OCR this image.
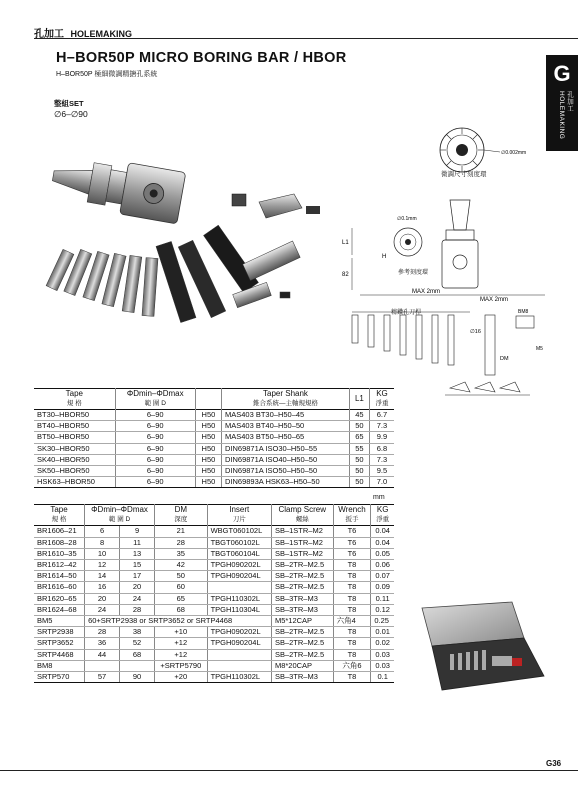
孔加工 HOLEMAKING
H–BOR50P MICRO BORING BAR / HBOR
H–BOR50P 極細微調精搪孔系統
整組SET
∅6–∅90
G
孔加工 HOLEMAKING
∅0.002mm
∅0.1mm
L1
82
H
MAX 2mm
MAX 2mm
∅16
DM
BM8
M5
微調尺寸刻度環
參考刻度環
精鑽孔刀桿
Tape	ΦDmin–ΦDmax		Taper Shank	L1	KG
規 格	範 圍 D		錐合系統—主軸規規格		淨重
BT30–HBOR50	6–90	H50	MAS403 BT30–H50–45	45	6.7
BT40–HBOR50	6–90	H50	MAS403 BT40–H50–50	50	7.3
BT50–HBOR50	6–90	H50	MAS403 BT50–H50–65	65	9.9
SK30–HBOR50	6–90	H50	DIN69871A ISO30–H50–55	55	6.8
SK40–HBOR50	6–90	H50	DIN69871A ISO40–H50–50	50	7.3
SK50–HBOR50	6–90	H50	DIN69871A ISO50–H50–50	50	9.5
HSK63–HBOR50	6–90	H50	DIN69893A HSK63–H50–50	50	7.0
mm
Tape	ΦDmin–ΦDmax		DM	Insert	Clamp Screw	Wrench	KG
規 格	範 圍 D		深度	刀片	螺絲	扳手	淨重
BR1606–21	6	9	21	WBGT060102L	SB–1STR–M2	T6	0.04
BR1608–28	8	11	28	TBGT060102L	SB–1STR–M2	T6	0.04
BR1610–35	10	13	35	TBGT060104L	SB–1STR–M2	T6	0.05
BR1612–42	12	15	42	TPGH090202L	SB–2TR–M2.5	T8	0.06
BR1614–50	14	17	50	TPGH090204L	SB–2TR–M2.5	T8	0.07
BR1616–60	16	20	60		SB–2TR–M2.5	T8	0.09
BR1620–65	20	24	65	TPGH110302L	SB–3TR–M3	T8	0.11
BR1624–68	24	28	68	TPGH110304L	SB–3TR–M3	T8	0.12
BM5	60+SRTP2938 or SRTP3652 or SRTP4468				M5*12CAP	六角4	0.25
SRTP2938	28	38	+10	TPGH090202L	SB–2TR–M2.5	T8	0.01
SRTP3652	36	52	+12	TPGH090204L	SB–2TR–M2.5	T8	0.02
SRTP4468	44	68	+12		SB–2TR–M2.5	T8	0.03
BM8			+SRTP5790		M8*20CAP	六角6	0.03
SRTP570	57	90	+20	TPGH110302L	SB–3TR–M3	T8	0.1
G36
